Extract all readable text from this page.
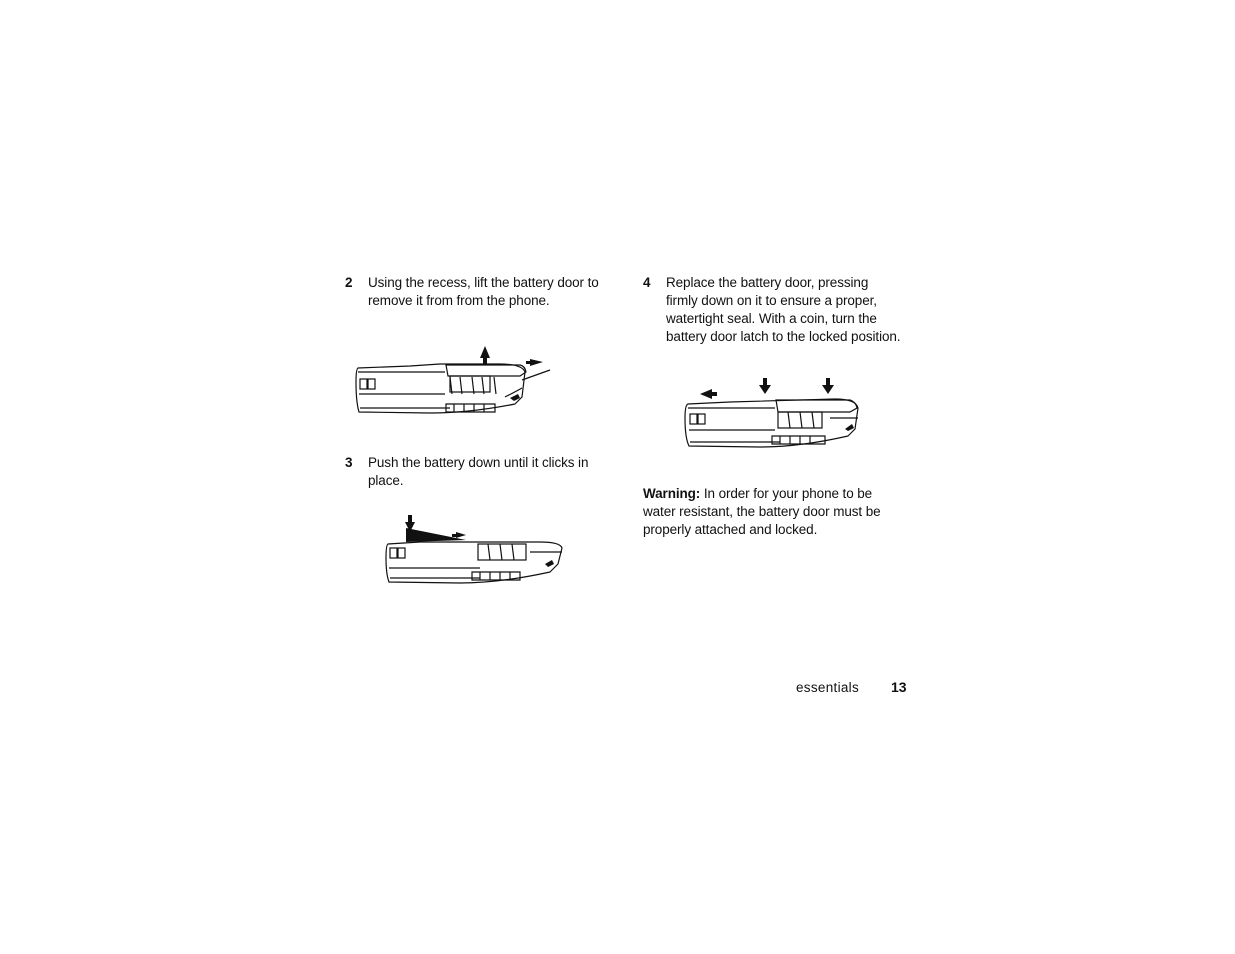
2 Using the recess, lift the battery door to
remove it from from the phone.
3 Push the battery down until it clicks in
place.
4 Replace the battery door, pressing
firmly down on it to ensure a proper,
watertight seal. With a coin, turn the
battery door latch to the locked position.
Warning: In order for your phone to be
water resistant, the battery door must be
properly attached and locked.
essentials 13
